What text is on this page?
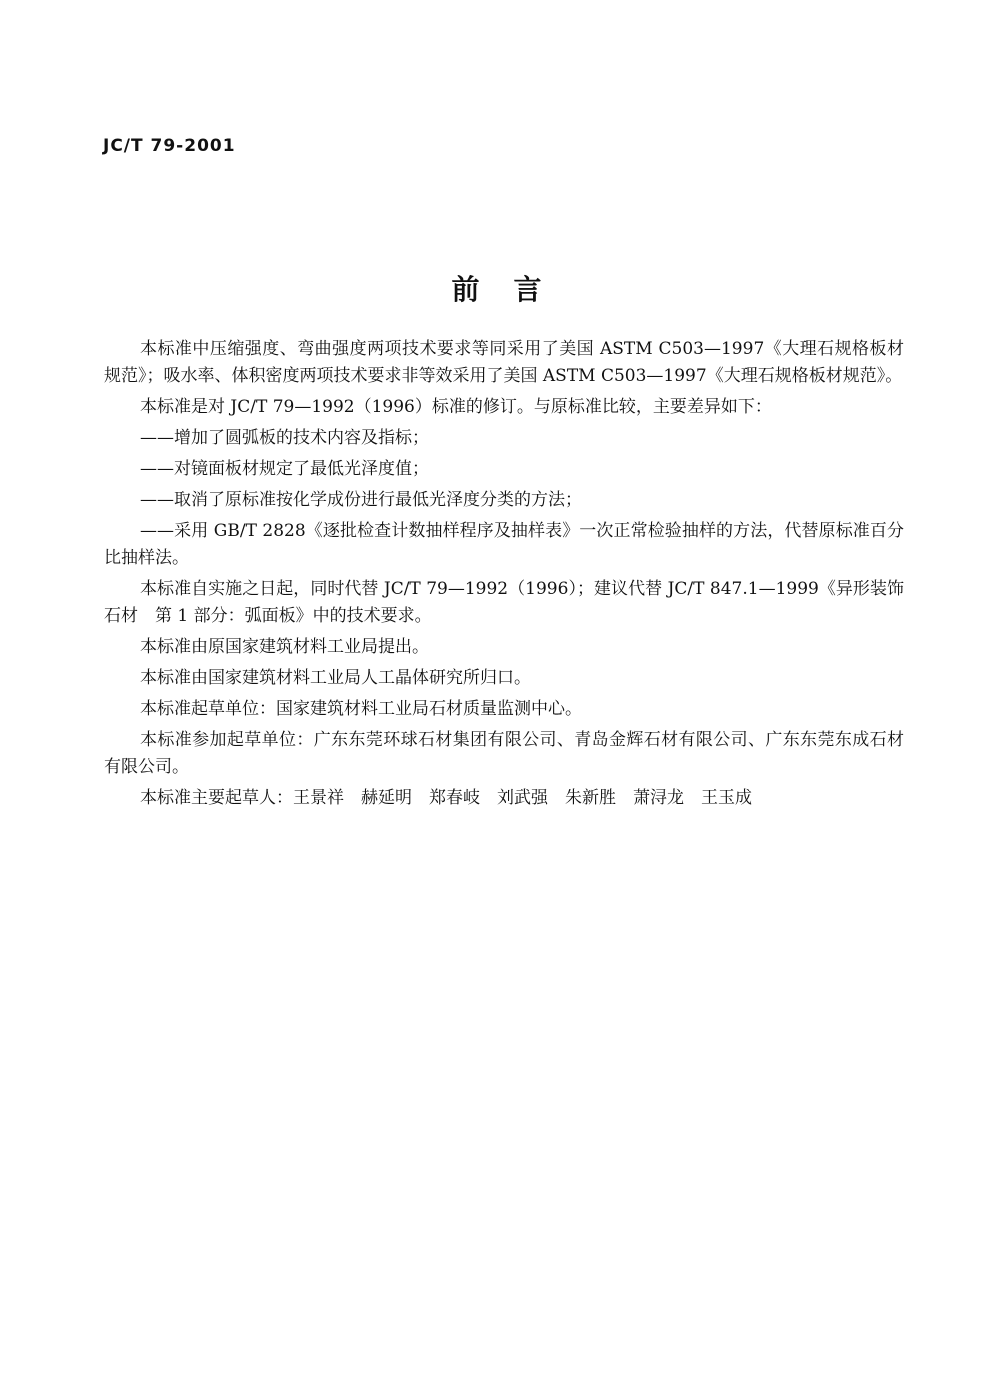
JC/T 79-2001
前言

本标准中压缩强度、弯曲强度两项技术要求等同采用了美国 ASTM C503—1997《大理石规格板材规范》；吸水率、体积密度两项技术要求非等效采用了美国 ASTM C503—1997《大理石规格板材规范》。

本标准是对 JC/T 79—1992（1996）标准的修订。与原标准比较，主要差异如下：

——增加了圆弧板的技术内容及指标；

——对镜面板材规定了最低光泽度值；

——取消了原标准按化学成份进行最低光泽度分类的方法；

——采用 GB/T 2828《逐批检查计数抽样程序及抽样表》一次正常检验抽样的方法，代替原标准百分比抽样法。

本标准自实施之日起，同时代替 JC/T 79—1992（1996）；建议代替 JC/T 847.1—1999《异形装饰石材　第 1 部分：弧面板》中的技术要求。

本标准由原国家建筑材料工业局提出。

本标准由国家建筑材料工业局人工晶体研究所归口。

本标准起草单位：国家建筑材料工业局石材质量监测中心。

本标准参加起草单位：广东东莞环球石材集团有限公司、青岛金辉石材有限公司、广东东莞东成石材有限公司。

本标准主要起草人：王景祥　赫延明　郑春岐　刘武强　朱新胜　萧浔龙　王玉成
